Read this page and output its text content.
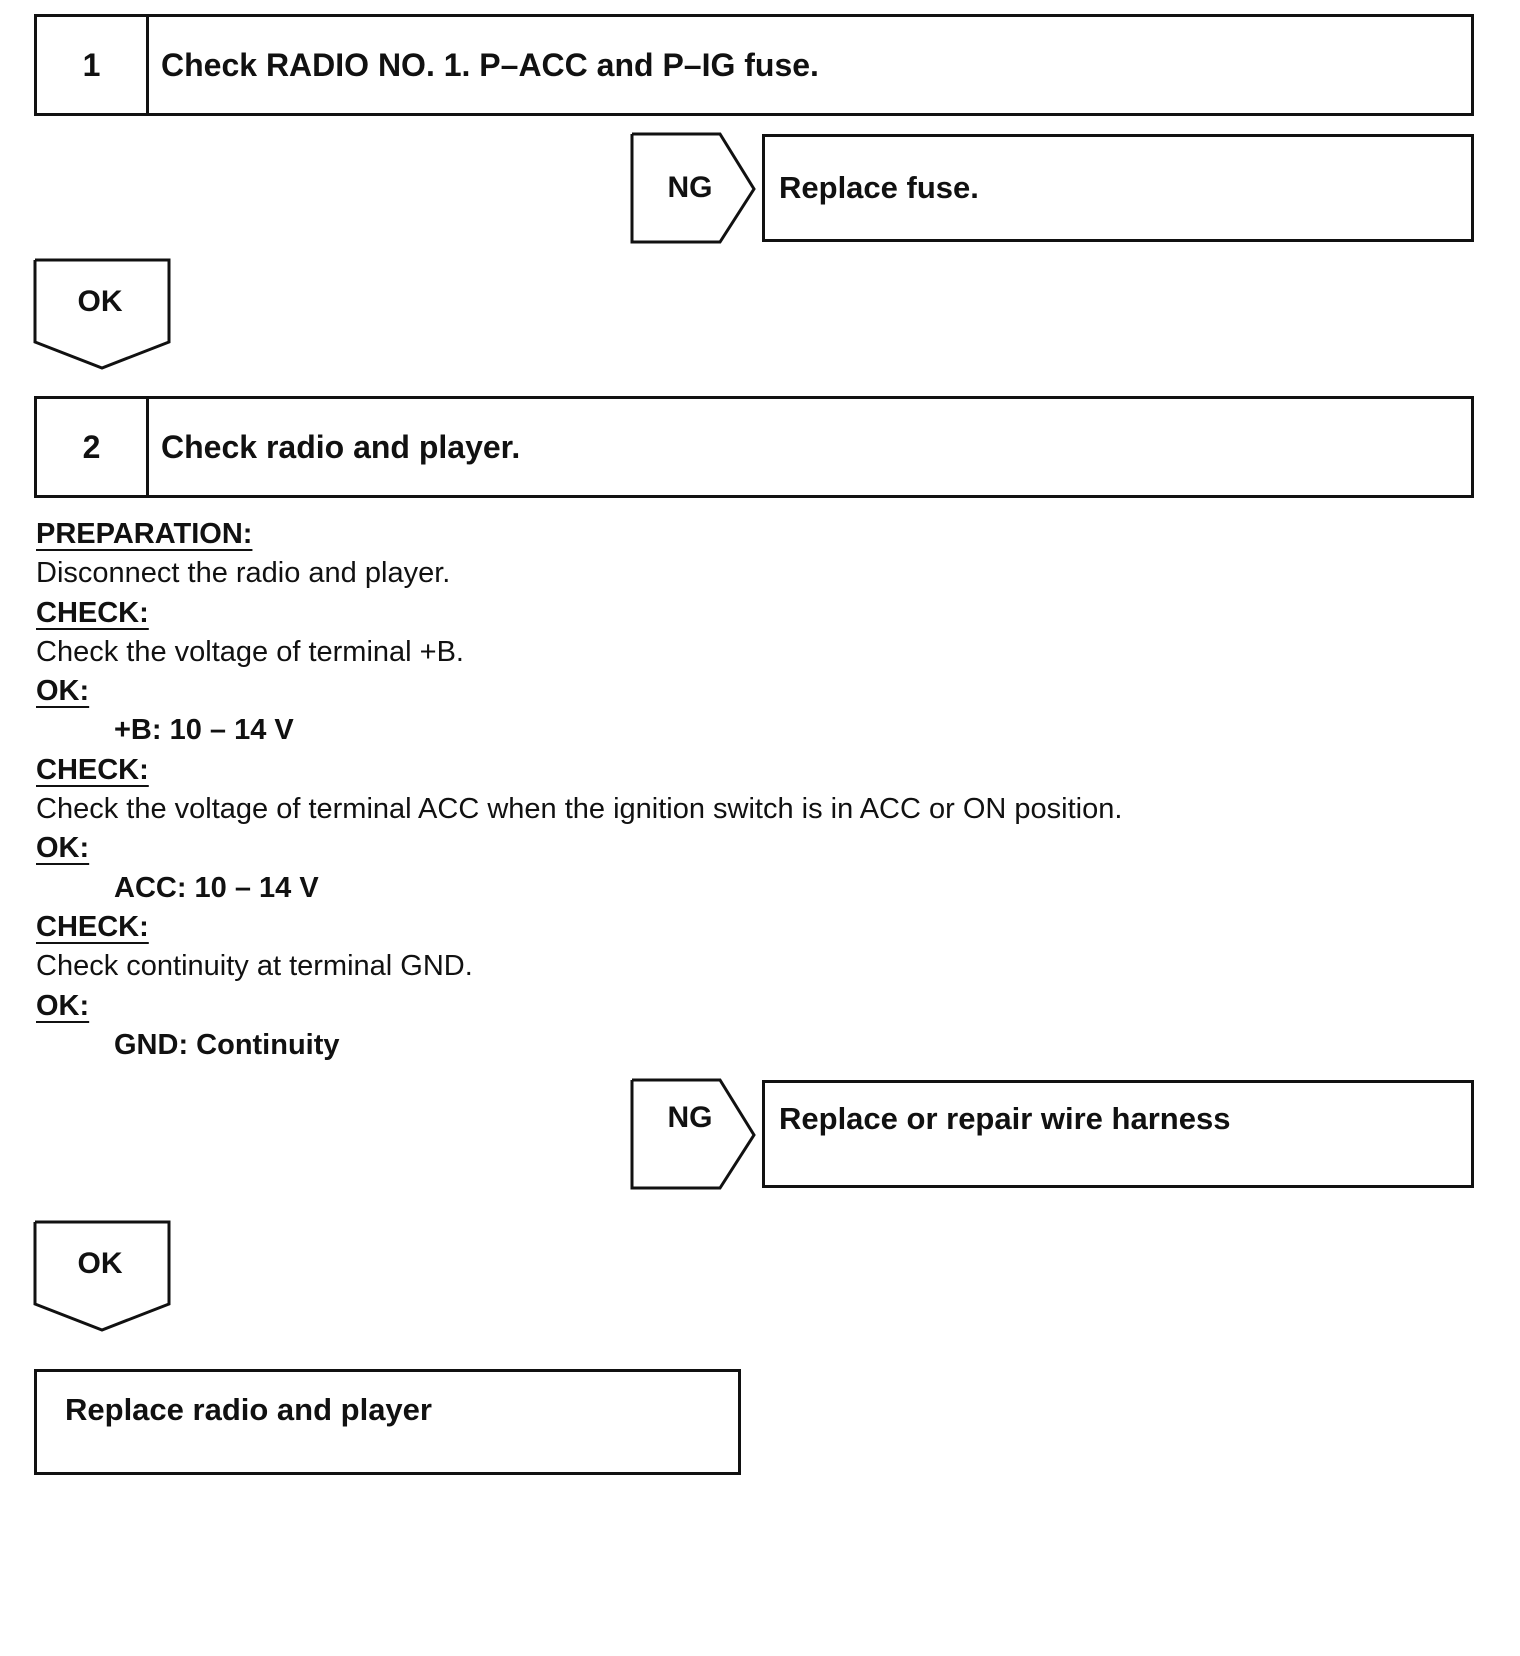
1	Check RADIO NO. 1. P–ACC and P–IG fuse.
NG	Replace fuse.
OK
2	Check radio and player.
PREPARATION:
Disconnect the radio and player.
CHECK:
Check the voltage of terminal +B.
OK:
+B: 10 – 14 V
CHECK:
Check the voltage of terminal ACC when the ignition switch is in ACC or ON position.
OK:
ACC: 10 – 14 V
CHECK:
Check continuity at terminal GND.
OK:
GND: Continuity
NG	Replace or repair wire harness
OK
Replace radio and player
